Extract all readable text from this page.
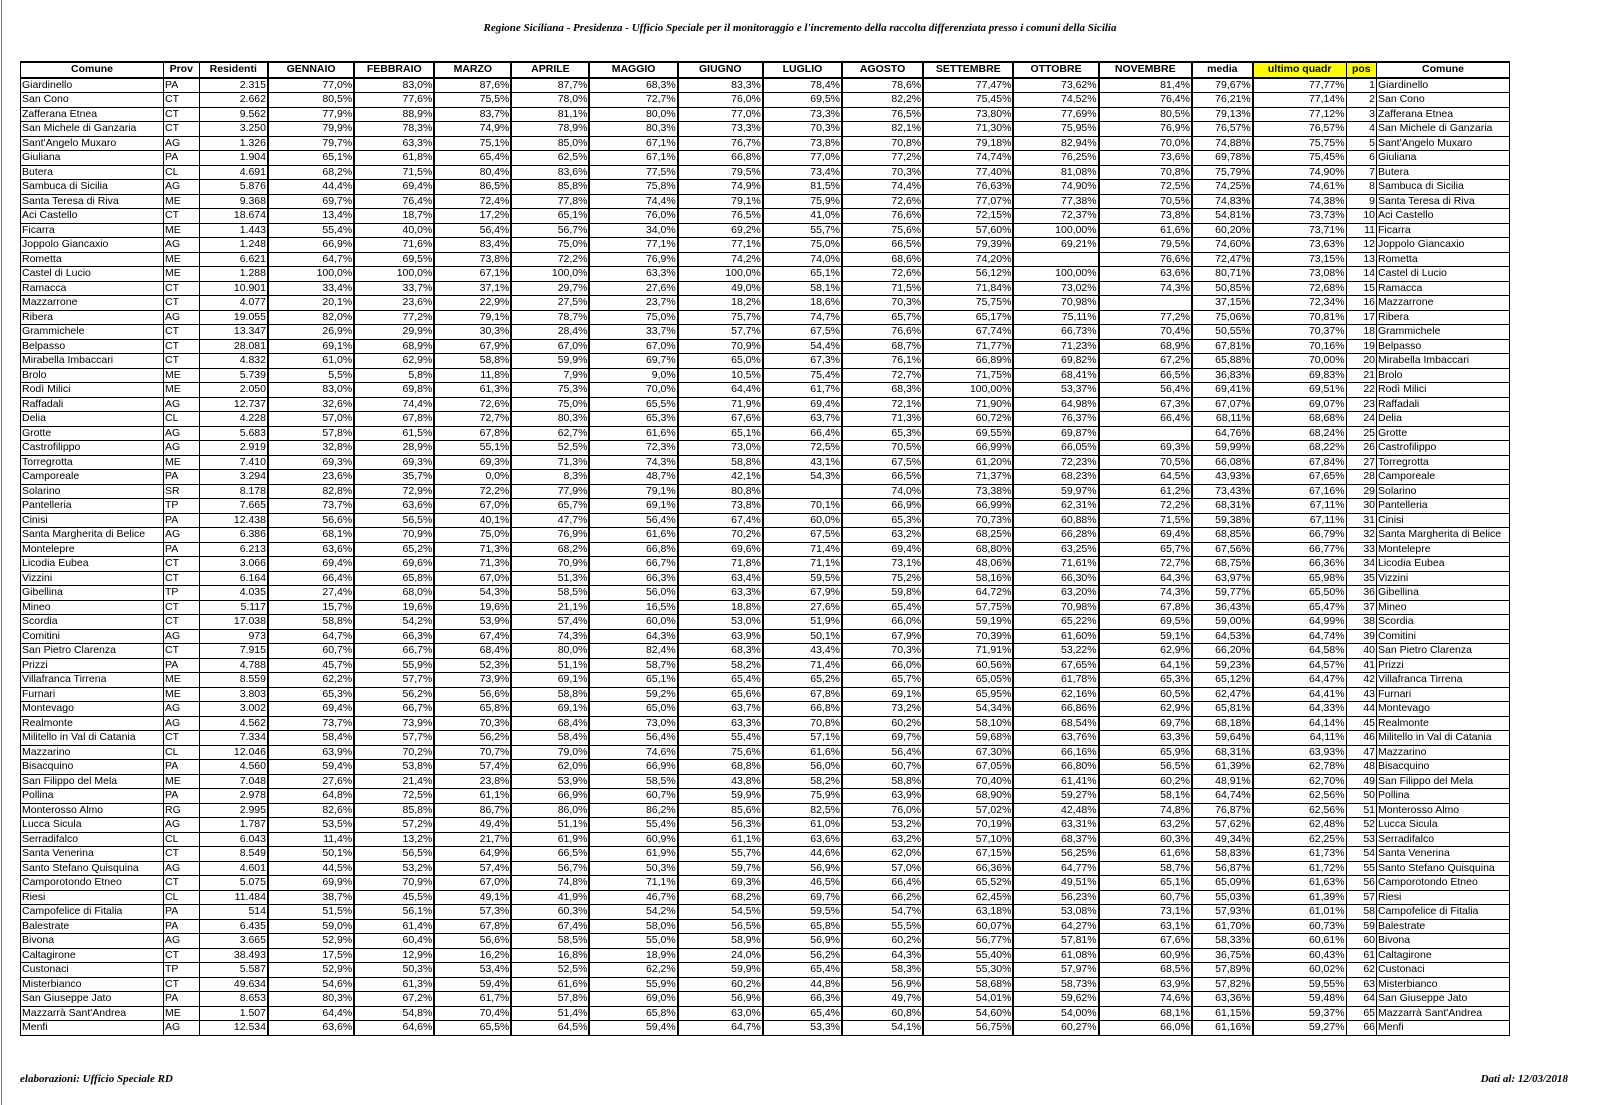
Regione Siciliana - Presidenza - Ufficio Speciale per il monitoraggio e l'incremento della raccolta differenziata presso i comuni della Sicilia
Comune	Prov	Residenti	GENNAIO	FEBBRAIO	MARZO	APRILE	MAGGIO	GIUGNO	LUGLIO	AGOSTO	SETTEMBRE	OTTOBRE	NOVEMBRE	media	ultimo quadr	pos	Comune
Giardinello	PA	2.315	77,0%	83,0%	87,6%	87,7%	68,3%	83,3%	78,4%	78,6%	77,47%	73,62%	81,4%	79,67%	77,77%	1	Giardinello
San Cono	CT	2.662	80,5%	77,6%	75,5%	78,0%	72,7%	76,0%	69,5%	82,2%	75,45%	74,52%	76,4%	76,21%	77,14%	2	San Cono
Zafferana Etnea	CT	9.562	77,9%	88,9%	83,7%	81,1%	80,0%	77,0%	73,3%	76,5%	73,80%	77,69%	80,5%	79,13%	77,12%	3	Zafferana Etnea
San Michele di Ganzaria	CT	3.250	79,9%	78,3%	74,9%	78,9%	80,3%	73,3%	70,3%	82,1%	71,30%	75,95%	76,9%	76,57%	76,57%	4	San Michele di Ganzaria
Sant'Angelo Muxaro	AG	1.326	79,7%	63,3%	75,1%	85,0%	67,1%	76,7%	73,8%	70,8%	79,18%	82,94%	70,0%	74,88%	75,75%	5	Sant'Angelo Muxaro
Giuliana	PA	1.904	65,1%	61,8%	65,4%	62,5%	67,1%	66,8%	77,0%	77,2%	74,74%	76,25%	73,6%	69,78%	75,45%	6	Giuliana
Butera	CL	4.691	68,2%	71,5%	80,4%	83,6%	77,5%	79,5%	73,4%	70,3%	77,40%	81,08%	70,8%	75,79%	74,90%	7	Butera
Sambuca di Sicilia	AG	5.876	44,4%	69,4%	86,5%	85,8%	75,8%	74,9%	81,5%	74,4%	76,63%	74,90%	72,5%	74,25%	74,61%	8	Sambuca di Sicilia
Santa Teresa di Riva	ME	9.368	69,7%	76,4%	72,4%	77,8%	74,4%	79,1%	75,9%	72,6%	77,07%	77,38%	70,5%	74,83%	74,38%	9	Santa Teresa di Riva
Aci Castello	CT	18.674	13,4%	18,7%	17,2%	65,1%	76,0%	76,5%	41,0%	76,6%	72,15%	72,37%	73,8%	54,81%	73,73%	10	Aci Castello
Ficarra	ME	1.443	55,4%	40,0%	56,4%	56,7%	34,0%	69,2%	55,7%	75,6%	57,60%	100,00%	61,6%	60,20%	73,71%	11	Ficarra
Joppolo Giancaxio	AG	1.248	66,9%	71,6%	83,4%	75,0%	77,1%	77,1%	75,0%	66,5%	79,39%	69,21%	79,5%	74,60%	73,63%	12	Joppolo Giancaxio
Rometta	ME	6.621	64,7%	69,5%	73,8%	72,2%	76,9%	74,2%	74,0%	68,6%	74,20%		76,6%	72,47%	73,15%	13	Rometta
Castel di Lucio	ME	1.288	100,0%	100,0%	67,1%	100,0%	63,3%	100,0%	65,1%	72,6%	56,12%	100,00%	63,6%	80,71%	73,08%	14	Castel di Lucio
Ramacca	CT	10.901	33,4%	33,7%	37,1%	29,7%	27,6%	49,0%	58,1%	71,5%	71,84%	73,02%	74,3%	50,85%	72,68%	15	Ramacca
Mazzarrone	CT	4.077	20,1%	23,6%	22,9%	27,5%	23,7%	18,2%	18,6%	70,3%	75,75%	70,98%		37,15%	72,34%	16	Mazzarrone
Ribera	AG	19.055	82,0%	77,2%	79,1%	78,7%	75,0%	75,7%	74,7%	65,7%	65,17%	75,11%	77,2%	75,06%	70,81%	17	Ribera
Grammichele	CT	13.347	26,9%	29,9%	30,3%	28,4%	33,7%	57,7%	67,5%	76,6%	67,74%	66,73%	70,4%	50,55%	70,37%	18	Grammichele
Belpasso	CT	28.081	69,1%	68,9%	67,9%	67,0%	67,0%	70,9%	54,4%	68,7%	71,77%	71,23%	68,9%	67,81%	70,16%	19	Belpasso
Mirabella Imbaccari	CT	4.832	61,0%	62,9%	58,8%	59,9%	69,7%	65,0%	67,3%	76,1%	66,89%	69,82%	67,2%	65,88%	70,00%	20	Mirabella Imbaccari
Brolo	ME	5.739	5,5%	5,8%	11,8%	7,9%	9,0%	10,5%	75,4%	72,7%	71,75%	68,41%	66,5%	36,83%	69,83%	21	Brolo
Rodì Milici	ME	2.050	83,0%	69,8%	61,3%	75,3%	70,0%	64,4%	61,7%	68,3%	100,00%	53,37%	56,4%	69,41%	69,51%	22	Rodì Milici
Raffadali	AG	12.737	32,6%	74,4%	72,6%	75,0%	65,5%	71,9%	69,4%	72,1%	71,90%	64,98%	67,3%	67,07%	69,07%	23	Raffadali
Delia	CL	4.228	57,0%	67,8%	72,7%	80,3%	65,3%	67,6%	63,7%	71,3%	60,72%	76,37%	66,4%	68,11%	68,68%	24	Delia
Grotte	AG	5.683	57,8%	61,5%	67,8%	62,7%	61,6%	65,1%	66,4%	65,3%	69,55%	69,87%		64,76%	68,24%	25	Grotte
Castrofilippo	AG	2.919	32,8%	28,9%	55,1%	52,5%	72,3%	73,0%	72,5%	70,5%	66,99%	66,05%	69,3%	59,99%	68,22%	26	Castrofilippo
Torregrotta	ME	7.410	69,3%	69,3%	69,3%	71,3%	74,3%	58,8%	43,1%	67,5%	61,20%	72,23%	70,5%	66,08%	67,84%	27	Torregrotta
Camporeale	PA	3.294	23,6%	35,7%	0,0%	8,3%	48,7%	42,1%	54,3%	66,5%	71,37%	68,23%	64,5%	43,93%	67,65%	28	Camporeale
Solarino	SR	8.178	82,8%	72,9%	72,2%	77,9%	79,1%	80,8%		74,0%	73,38%	59,97%	61,2%	73,43%	67,16%	29	Solarino
Pantelleria	TP	7.665	73,7%	63,6%	67,0%	65,7%	69,1%	73,8%	70,1%	66,9%	66,99%	62,31%	72,2%	68,31%	67,11%	30	Pantelleria
Cinisi	PA	12.438	56,6%	56,5%	40,1%	47,7%	56,4%	67,4%	60,0%	65,3%	70,73%	60,88%	71,5%	59,38%	67,11%	31	Cinisi
Santa Margherita di Belice	AG	6.386	68,1%	70,9%	75,0%	76,9%	61,6%	70,2%	67,5%	63,2%	68,25%	66,28%	69,4%	68,85%	66,79%	32	Santa Margherita di Belice
Montelepre	PA	6.213	63,6%	65,2%	71,3%	68,2%	66,8%	69,6%	71,4%	69,4%	68,80%	63,25%	65,7%	67,56%	66,77%	33	Montelepre
Licodia Eubea	CT	3.066	69,4%	69,6%	71,3%	70,9%	66,7%	71,8%	71,1%	73,1%	48,06%	71,61%	72,7%	68,75%	66,36%	34	Licodia Eubea
Vizzini	CT	6.164	66,4%	65,8%	67,0%	51,3%	66,3%	63,4%	59,5%	75,2%	58,16%	66,30%	64,3%	63,97%	65,98%	35	Vizzini
Gibellina	TP	4.035	27,4%	68,0%	54,3%	58,5%	56,0%	63,3%	67,9%	59,8%	64,72%	63,20%	74,3%	59,77%	65,50%	36	Gibellina
Mineo	CT	5.117	15,7%	19,6%	19,6%	21,1%	16,5%	18,8%	27,6%	65,4%	57,75%	70,98%	67,8%	36,43%	65,47%	37	Mineo
Scordia	CT	17.038	58,8%	54,2%	53,9%	57,4%	60,0%	53,0%	51,9%	66,0%	59,19%	65,22%	69,5%	59,00%	64,99%	38	Scordia
Comitini	AG	973	64,7%	66,3%	67,4%	74,3%	64,3%	63,9%	50,1%	67,9%	70,39%	61,60%	59,1%	64,53%	64,74%	39	Comitini
San Pietro Clarenza	CT	7.915	60,7%	66,7%	68,4%	80,0%	82,4%	68,3%	43,4%	70,3%	71,91%	53,22%	62,9%	66,20%	64,58%	40	San Pietro Clarenza
Prizzi	PA	4.788	45,7%	55,9%	52,3%	51,1%	58,7%	58,2%	71,4%	66,0%	60,56%	67,65%	64,1%	59,23%	64,57%	41	Prizzi
Villafranca Tirrena	ME	8.559	62,2%	57,7%	73,9%	69,1%	65,1%	65,4%	65,2%	65,7%	65,05%	61,78%	65,3%	65,12%	64,47%	42	Villafranca Tirrena
Furnari	ME	3.803	65,3%	56,2%	56,6%	58,8%	59,2%	65,6%	67,8%	69,1%	65,95%	62,16%	60,5%	62,47%	64,41%	43	Furnari
Montevago	AG	3.002	69,4%	66,7%	65,8%	69,1%	65,0%	63,7%	66,8%	73,2%	54,34%	66,86%	62,9%	65,81%	64,33%	44	Montevago
Realmonte	AG	4.562	73,7%	73,9%	70,3%	68,4%	73,0%	63,3%	70,8%	60,2%	58,10%	68,54%	69,7%	68,18%	64,14%	45	Realmonte
Militello in Val di Catania	CT	7.334	58,4%	57,7%	56,2%	58,4%	56,4%	55,4%	57,1%	69,7%	59,68%	63,76%	63,3%	59,64%	64,11%	46	Militello in Val di Catania
Mazzarino	CL	12.046	63,9%	70,2%	70,7%	79,0%	74,6%	75,6%	61,6%	56,4%	67,30%	66,16%	65,9%	68,31%	63,93%	47	Mazzarino
Bisacquino	PA	4.560	59,4%	53,8%	57,4%	62,0%	66,9%	68,8%	56,0%	60,7%	67,05%	66,80%	56,5%	61,39%	62,78%	48	Bisacquino
San Filippo del Mela	ME	7.048	27,6%	21,4%	23,8%	53,9%	58,5%	43,8%	58,2%	58,8%	70,40%	61,41%	60,2%	48,91%	62,70%	49	San Filippo del Mela
Pollina	PA	2.978	64,8%	72,5%	61,1%	66,9%	60,7%	59,9%	75,9%	63,9%	68,90%	59,27%	58,1%	64,74%	62,56%	50	Pollina
Monterosso Almo	RG	2.995	82,6%	85,8%	86,7%	86,0%	86,2%	85,6%	82,5%	76,0%	57,02%	42,48%	74,8%	76,87%	62,56%	51	Monterosso Almo
Lucca Sicula	AG	1.787	53,5%	57,2%	49,4%	51,1%	55,4%	56,3%	61,0%	53,2%	70,19%	63,31%	63,2%	57,62%	62,48%	52	Lucca Sicula
Serradifalco	CL	6.043	11,4%	13,2%	21,7%	61,9%	60,9%	61,1%	63,6%	63,2%	57,10%	68,37%	60,3%	49,34%	62,25%	53	Serradifalco
Santa Venerina	CT	8.549	50,1%	56,5%	64,9%	66,5%	61,9%	55,7%	44,6%	62,0%	67,15%	56,25%	61,6%	58,83%	61,73%	54	Santa Venerina
Santo Stefano Quisquina	AG	4.601	44,5%	53,2%	57,4%	56,7%	50,3%	59,7%	56,9%	57,0%	66,36%	64,77%	58,7%	56,87%	61,72%	55	Santo Stefano Quisquina
Camporotondo Etneo	CT	5.075	69,9%	70,9%	67,0%	74,8%	71,1%	69,3%	46,5%	66,4%	65,52%	49,51%	65,1%	65,09%	61,63%	56	Camporotondo Etneo
Riesi	CL	11.484	38,7%	45,5%	49,1%	41,9%	46,7%	68,2%	69,7%	66,2%	62,45%	56,23%	60,7%	55,03%	61,39%	57	Riesi
Campofelice di Fitalia	PA	514	51,5%	56,1%	57,3%	60,3%	54,2%	54,5%	59,5%	54,7%	63,18%	53,08%	73,1%	57,93%	61,01%	58	Campofelice di Fitalia
Balestrate	PA	6.435	59,0%	61,4%	67,8%	67,4%	58,0%	56,5%	65,8%	55,5%	60,07%	64,27%	63,1%	61,70%	60,73%	59	Balestrate
Bivona	AG	3.665	52,9%	60,4%	56,6%	58,5%	55,0%	58,9%	56,9%	60,2%	56,77%	57,81%	67,6%	58,33%	60,61%	60	Bivona
Caltagirone	CT	38.493	17,5%	12,9%	16,2%	16,8%	18,9%	24,0%	56,2%	64,3%	55,40%	61,08%	60,9%	36,75%	60,43%	61	Caltagirone
Custonaci	TP	5.587	52,9%	50,3%	53,4%	52,5%	62,2%	59,9%	65,4%	58,3%	55,30%	57,97%	68,5%	57,89%	60,02%	62	Custonaci
Misterbianco	CT	49.634	54,6%	61,3%	59,4%	61,6%	55,9%	60,2%	44,8%	56,9%	58,68%	58,73%	63,9%	57,82%	59,55%	63	Misterbianco
San Giuseppe Jato	PA	8.653	80,3%	67,2%	61,7%	57,8%	69,0%	56,9%	66,3%	49,7%	54,01%	59,62%	74,6%	63,36%	59,48%	64	San Giuseppe Jato
Mazzarrà Sant'Andrea	ME	1.507	64,4%	54,8%	70,4%	51,4%	65,8%	63,0%	65,4%	60,8%	54,60%	54,00%	68,1%	61,15%	59,37%	65	Mazzarrà Sant'Andrea
Menfi	AG	12.534	63,6%	64,6%	65,5%	64,5%	59,4%	64,7%	53,3%	54,1%	56,75%	60,27%	66,0%	61,16%	59,27%	66	Menfi
elaborazioni: Ufficio Speciale RD	Dati al: 12/03/2018
